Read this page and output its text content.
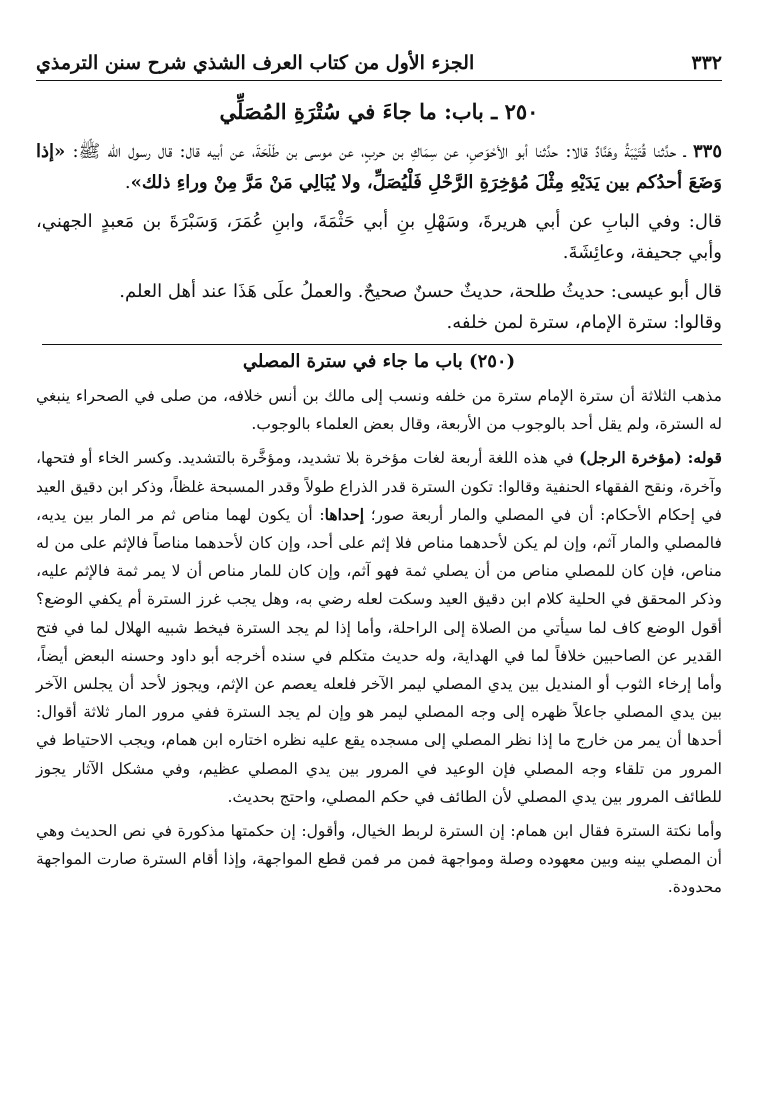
٣٣٢
الجزء الأول من كتاب العرف الشذي شرح سنن الترمذي
٢٥٠ ـ باب: ما جاءَ في سُتْرَةِ المُصَلِّي

٣٣٥ ـ حدَّثنا قُتَيْبَةُ وهَنَّادٌ قالا: حدَّثنا أبو الأحْوَصِ، عن سِمَاكِ بن حربٍ، عن موسى بن طَلْحَةَ، عن أبيه قال: قال رسول الله ﷺ: «إذا وَضَعَ أحدُكم بين يَدَيْهِ مِثْلَ مُؤخِرَةِ الرَّحْلِ فَلْيُصَلِّ، ولا يُبَالِي مَنْ مَرَّ مِنْ وراءِ ذلك».

قال: وفي البابِ عن أبي هريرةَ، وسَهْلِ بنِ أبي حَثْمَةَ، وابنِ عُمَرَ، وَسَبْرَةَ بن مَعبدٍ الجهني، وأبي جحيفة، وعائِشَةَ.

قال أبو عيسى: حديثُ طلحة، حديثٌ حسنٌ صحيحٌ. والعملُ علَى هَذَا عند أهل العلم.

وقالوا: سترة الإمام، سترة لمن خلفه.

(٢٥٠) باب ما جاء في سترة المصلي

مذهب الثلاثة أن سترة الإمام سترة من خلفه ونسب إلى مالك بن أنس خلافه، من صلى في الصحراء ينبغي له السترة، ولم يقل أحد بالوجوب من الأربعة، وقال بعض العلماء بالوجوب.

قوله: (مؤخرة الرجل) في هذه اللغة أربعة لغات مؤخرة بلا تشديد، ومؤخَّرة بالتشديد. وكسر الخاء أو فتحها، وآخرة، ونقح الفقهاء الحنفية وقالوا: تكون السترة قدر الذراع طولاً وقدر المسبحة غلظاً، وذكر ابن دقيق العيد في إحكام الأحكام: أن في المصلي والمار أربعة صور؛ إحداها: أن يكون لهما مناص ثم مر المار بين يديه، فالمصلي والمار آثم، وإن لم يكن لأحدهما مناص فلا إثم على أحد، وإن كان لأحدهما مناصاً فالإثم على من له مناص، فإن كان للمصلي مناص من أن يصلي ثمة فهو آثم، وإن كان للمار مناص أن لا يمر ثمة فالإثم عليه، وذكر المحقق في الحلية كلام ابن دقيق العيد وسكت لعله رضي به، وهل يجب غرز السترة أم يكفي الوضع؟ أقول الوضع كاف لما سيأتي من الصلاة إلى الراحلة، وأما إذا لم يجد السترة فيخط شبيه الهلال لما في فتح القدير عن الصاحبين خلافاً لما في الهداية، وله حديث متكلم في سنده أخرجه أبو داود وحسنه البعض أيضاً، وأما إرخاء الثوب أو المنديل بين يدي المصلي ليمر الآخر فلعله يعصم عن الإثم، ويجوز لأحد أن يجلس الآخر بين يدي المصلي جاعلاً ظهره إلى وجه المصلي ليمر هو وإن لم يجد السترة ففي مرور المار ثلاثة أقوال: أحدها أن يمر من خارج ما إذا نظر المصلي إلى مسجده يقع عليه نظره اختاره ابن همام، ويجب الاحتياط في المرور من تلقاء وجه المصلي فإن الوعيد في المرور بين يدي المصلي عظيم، وفي مشكل الآثار يجوز للطائف المرور بين يدي المصلي لأن الطائف في حكم المصلي، واحتج بحديث.

وأما نكتة السترة فقال ابن همام: إن السترة لربط الخيال، وأقول: إن حكمتها مذكورة في نص الحديث وهي أن المصلي بينه وبين معهوده وصلة ومواجهة فمن مر فمن قطع المواجهة، وإذا أقام السترة صارت المواجهة محدودة.
